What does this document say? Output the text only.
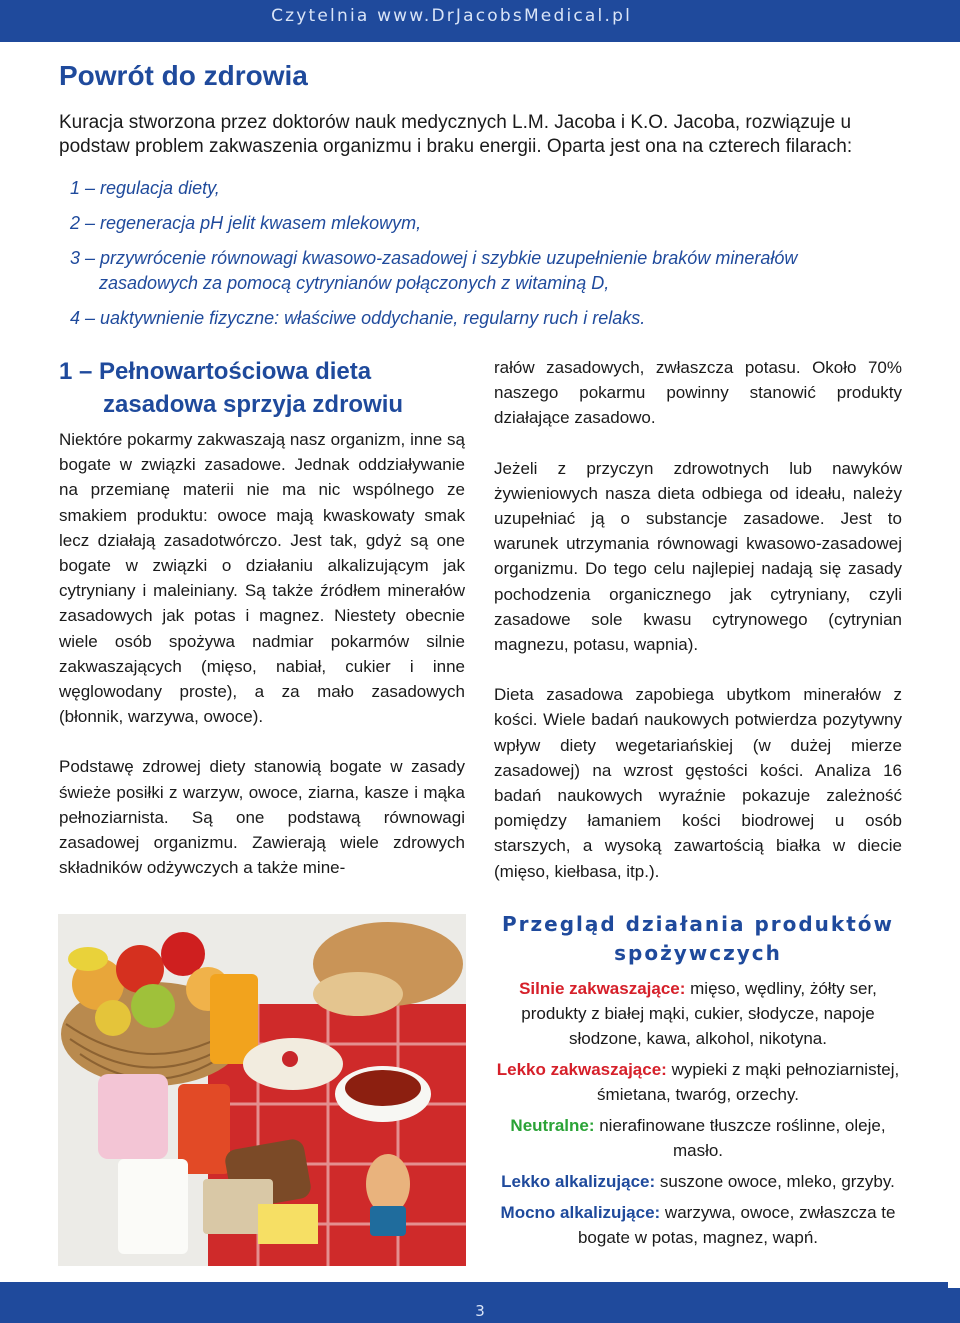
Czytelnia www.DrJacobsMedical.pl
Powrót do zdrowia

Kuracja stworzona przez doktorów nauk medycznych L.M. Jacoba i K.O. Jacoba, rozwiązuje u podstaw problem zakwaszenia organizmu i braku energii. Oparta jest ona na czterech filarach:

1 – regulacja diety,

2 – regeneracja pH jelit kwasem mlekowym,

3 – przywrócenie równowagi kwasowo-zasadowej i szybkie uzupełnienie braków minerałów

zasadowych za pomocą cytrynianów połączonych z witaminą D,

4 – uaktywnienie fizyczne: właściwe oddychanie, regularny ruch i relaks.

1 – Pełnowartościowa dieta
zasadowa sprzyja zdrowiu

Niektóre pokarmy zakwaszają nasz organizm, inne są bogate w związki zasadowe. Jednak oddziaływanie na przemianę materii nie ma nic wspólnego ze smakiem produktu: owoce mają kwaskowaty smak lecz działają zasadotwórczo. Jest tak, gdyż są one bogate w związki o działaniu alkalizującym jak cytryniany i maleiniany. Są także źródłem minerałów zasadowych jak potas i magnez. Niestety obecnie wiele osób spożywa nadmiar pokarmów silnie zakwaszających (mięso, nabiał, cukier i inne węglowodany proste), a za mało zasadowych (błonnik, warzywa, owoce).

Podstawę zdrowej diety stanowią bogate w zasady świeże posiłki z warzyw, owoce, ziarna, kasze i mąka pełnoziarnista. Są one podstawą równowagi zasadowej organizmu. Zawierają wiele zdrowych składników odżywczych a także mine-

rałów zasadowych, zwłaszcza potasu. Około 70% naszego pokarmu powinny stanowić produkty działające zasadowo.

Jeżeli z przyczyn zdrowotnych lub nawyków żywieniowych nasza dieta odbiega od ideału, należy uzupełniać ją o substancje zasadowe. Jest to warunek utrzymania równowagi kwasowo-zasadowej organizmu. Do tego celu najlepiej nadają się zasady pochodzenia organicznego jak cytryniany, czyli zasadowe sole kwasu cytrynowego (cytrynian magnezu, potasu, wapnia).

Dieta zasadowa zapobiega ubytkom minerałów z kości. Wiele badań naukowych potwierdza pozytywny wpływ diety wegetariańskiej (w dużej mierze zasadowej) na wzrost gęstości kości. Analiza 16 badań naukowych wyraźnie pokazuje zależność pomiędzy łamaniem kości biodrowej u osób starszych, a wysoką zawartością białka w diecie (mięso, kiełbasa, itp.).

Przegląd działania produktów spożywczych

Silnie zakwaszające: mięso, wędliny, żółty ser, produkty z białej mąki, cukier, słodycze, napoje słodzone, kawa, alkohol, nikotyna.

Lekko zakwaszające: wypieki z mąki pełnoziarnistej, śmietana, twaróg, orzechy.

Neutralne: nierafinowane tłuszcze roślinne, oleje, masło.

Lekko alkalizujące: suszone owoce, mleko, grzyby.

Mocno alkalizujące: warzywa, owoce, zwłaszcza te bogate w potas, magnez, wapń.

3
